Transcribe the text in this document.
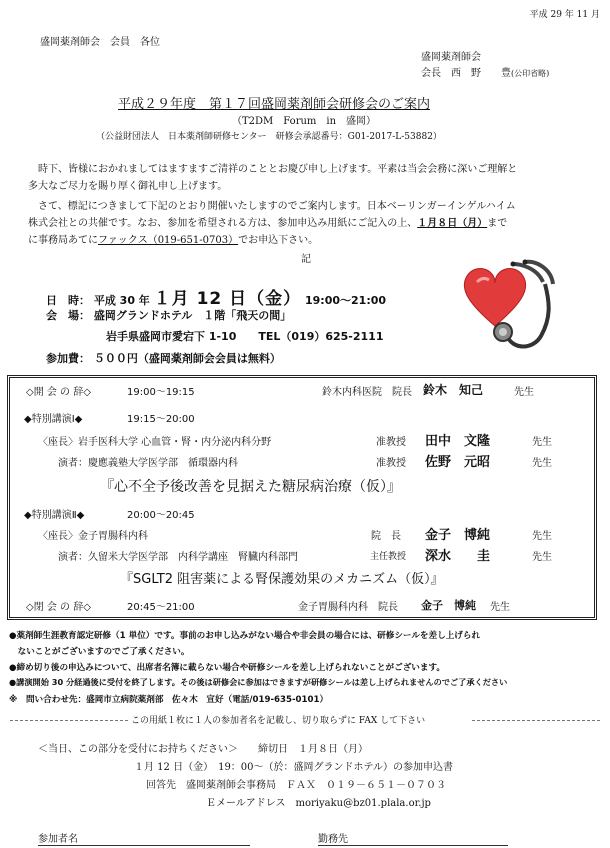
平成 29 年 11 月
盛岡薬剤師会　会員　各位
盛岡薬剤師会
会長　西　野　　豊(公印省略)
平成２９年度　第１７回盛岡薬剤師会研修会のご案内
（T2DM　Forum　in　盛岡）
（公益財団法人　日本薬剤師研修センター　研修会承認番号：G01-2017-L-53882）
時下、皆様におかれましてはますますご清祥のこととお慶び申し上げます。平素は当会会務に深いご理解と
多大なご尽力を賜り厚く御礼申し上げます。
さて、標記につきまして下記のとおり開催いたしますのでご案内します。日本ベーリンガーインゲルハイム
株式会社との共催です。なお、参加を希望される方は、参加申込み用紙にご記入の上、１月８日（月）まで
に事務局あてにファックス（019-651-0703）でお申込下さい。
記
日　時： 平成 30 年 １月 12 日（金） 19:00～21:00
会　場： 盛岡グランドホテル　１階「飛天の間」
岩手県盛岡市愛宕下 1-10　　TEL（019）625-2111
参加費： ５００円（盛岡薬剤師会会員は無料）
◇開 会 の 辞◇	19:00～19:15	鈴木内科医院　院長 鈴木　知己	先生
◆特別講演Ⅰ◆	19:15～20:00
〈座長〉岩手医科大学 心血管・腎・内分泌内科分野	准教授 田中　文隆	先生
演者：慶應義塾大学医学部　循環器内科	准教授 佐野　元昭	先生
『心不全予後改善を見据えた糖尿病治療（仮）』
◆特別講演Ⅱ◆	20:00～20:45
〈座長〉金子胃腸科内科	院　長 金子　博純	先生
演者：久留米大学医学部　内科学講座　腎臓内科部門	主任教授 深水　　圭	先生
『SGLT2 阻害薬による腎保護効果のメカニズム（仮）』
◇閉 会 の 辞◇	20:45～21:00	金子胃腸科内科　院長 金子　博純 先生
●薬剤師生涯教育認定研修（1 単位）です。事前のお申し込みがない場合や非会員の場合には、研修シールを差し上げられ
　ないことがございますのでご了承ください。
●締め切り後の申込みについて、出席者名簿に載らない場合や研修シールを差し上げられないことがございます。
●講演開始 30 分経過後に受付を終了します。その後は研修会に参加はできますが研修シールは差し上げられませんのでご了承ください
※　問い合わせ先：盛岡市立病院薬剤部　佐々木　宣好（電話/019-635-0101）
この用紙１枚に１人の参加者名を記載し、切り取らずに FAX して下さい
＜当日、この部分を受付にお持ちください＞　　締切日　１月８日（月）
１月 12 日（金）　19：00～（於：盛岡グランドホテル）の参加申込書
回答先　盛岡薬剤師会事務局　ＦＡＸ　０１９－６５１－０７０３
Ｅメールアドレス　moriyaku@bz01.plala.or.jp
参加者名	勤務先
